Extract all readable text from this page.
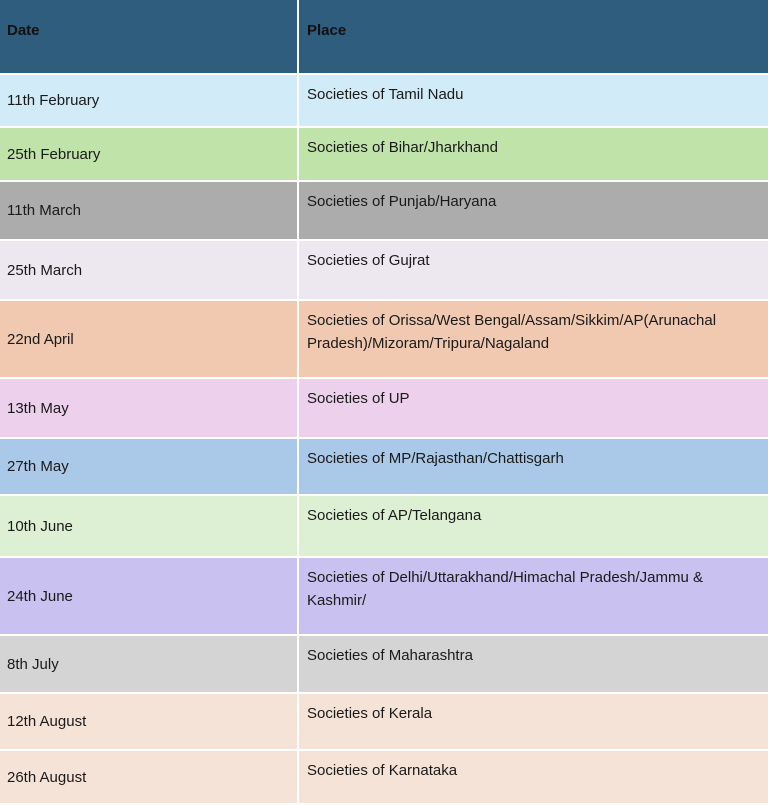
Date	Place

11th February	Societies of Tamil Nadu
25th February	Societies of Bihar/Jharkhand
11th March	Societies of Punjab/Haryana
25th March	Societies of Gujrat
22nd April	Societies of Orissa/West Bengal/Assam/Sikkim/AP(Arunachal Pradesh)/Mizoram/Tripura/Nagaland
13th May	Societies of UP
27th May	Societies of MP/Rajasthan/Chattisgarh
10th June	Societies of AP/Telangana
24th June	Societies of Delhi/Uttarakhand/Himachal Pradesh/Jammu & Kashmir/
8th July	Societies of Maharashtra
12th August	Societies of Kerala
26th August	Societies of Karnataka
